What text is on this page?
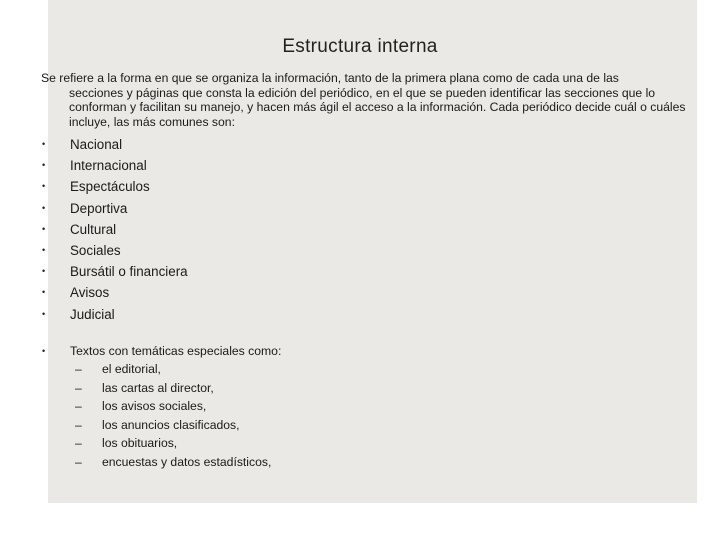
Estructura interna
Se refiere a la forma en que se organiza la información, tanto de la primera plana como de cada una de las
secciones y páginas que consta la edición del periódico, en el que se pueden identificar las secciones que lo conforman y facilitan su manejo, y hacen más ágil el acceso a la información. Cada periódico decide cuál o cuáles incluye, las más comunes son:
•	Nacional
•	Internacional
•	Espectáculos
•	Deportiva
•	Cultural
•	Sociales
•	Bursátil o financiera
•	Avisos
•	Judicial
• Textos con temáticas especiales como:
– el editorial,
– las cartas al director,
– los avisos sociales,
– los anuncios clasificados,
– los obituarios,
– encuestas y datos estadísticos,
